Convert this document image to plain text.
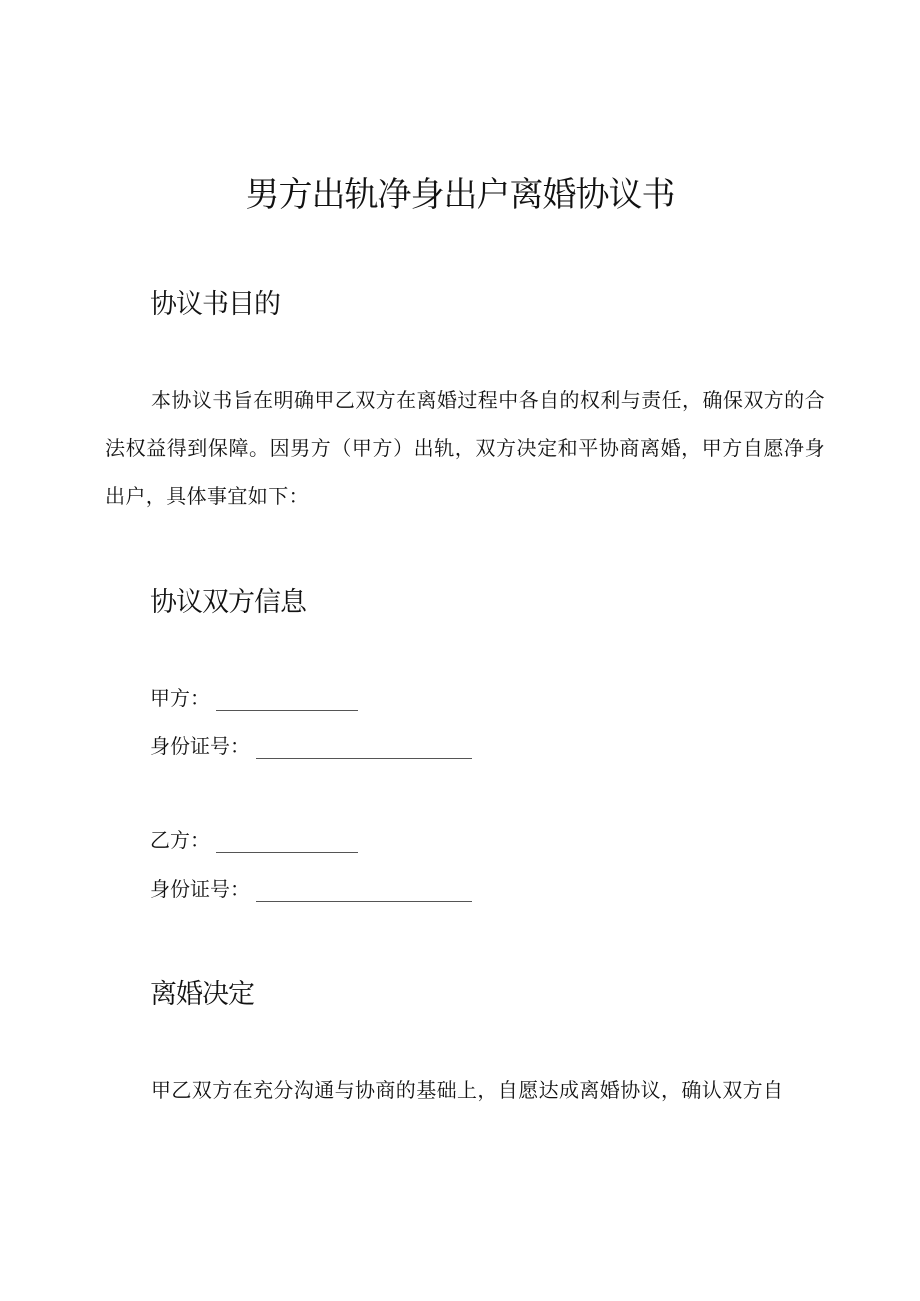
男方出轨净身出户离婚协议书
协议书目的

本协议书旨在明确甲乙双方在离婚过程中各自的权利与责任，确保双方的合法权益得到保障。因男方（甲方）出轨，双方决定和平协商离婚，甲方自愿净身出户，具体事宜如下：

协议双方信息
甲方：
身份证号：
乙方：
身份证号：
离婚决定

甲乙双方在充分沟通与协商的基础上，自愿达成离婚协议，确认双方自
